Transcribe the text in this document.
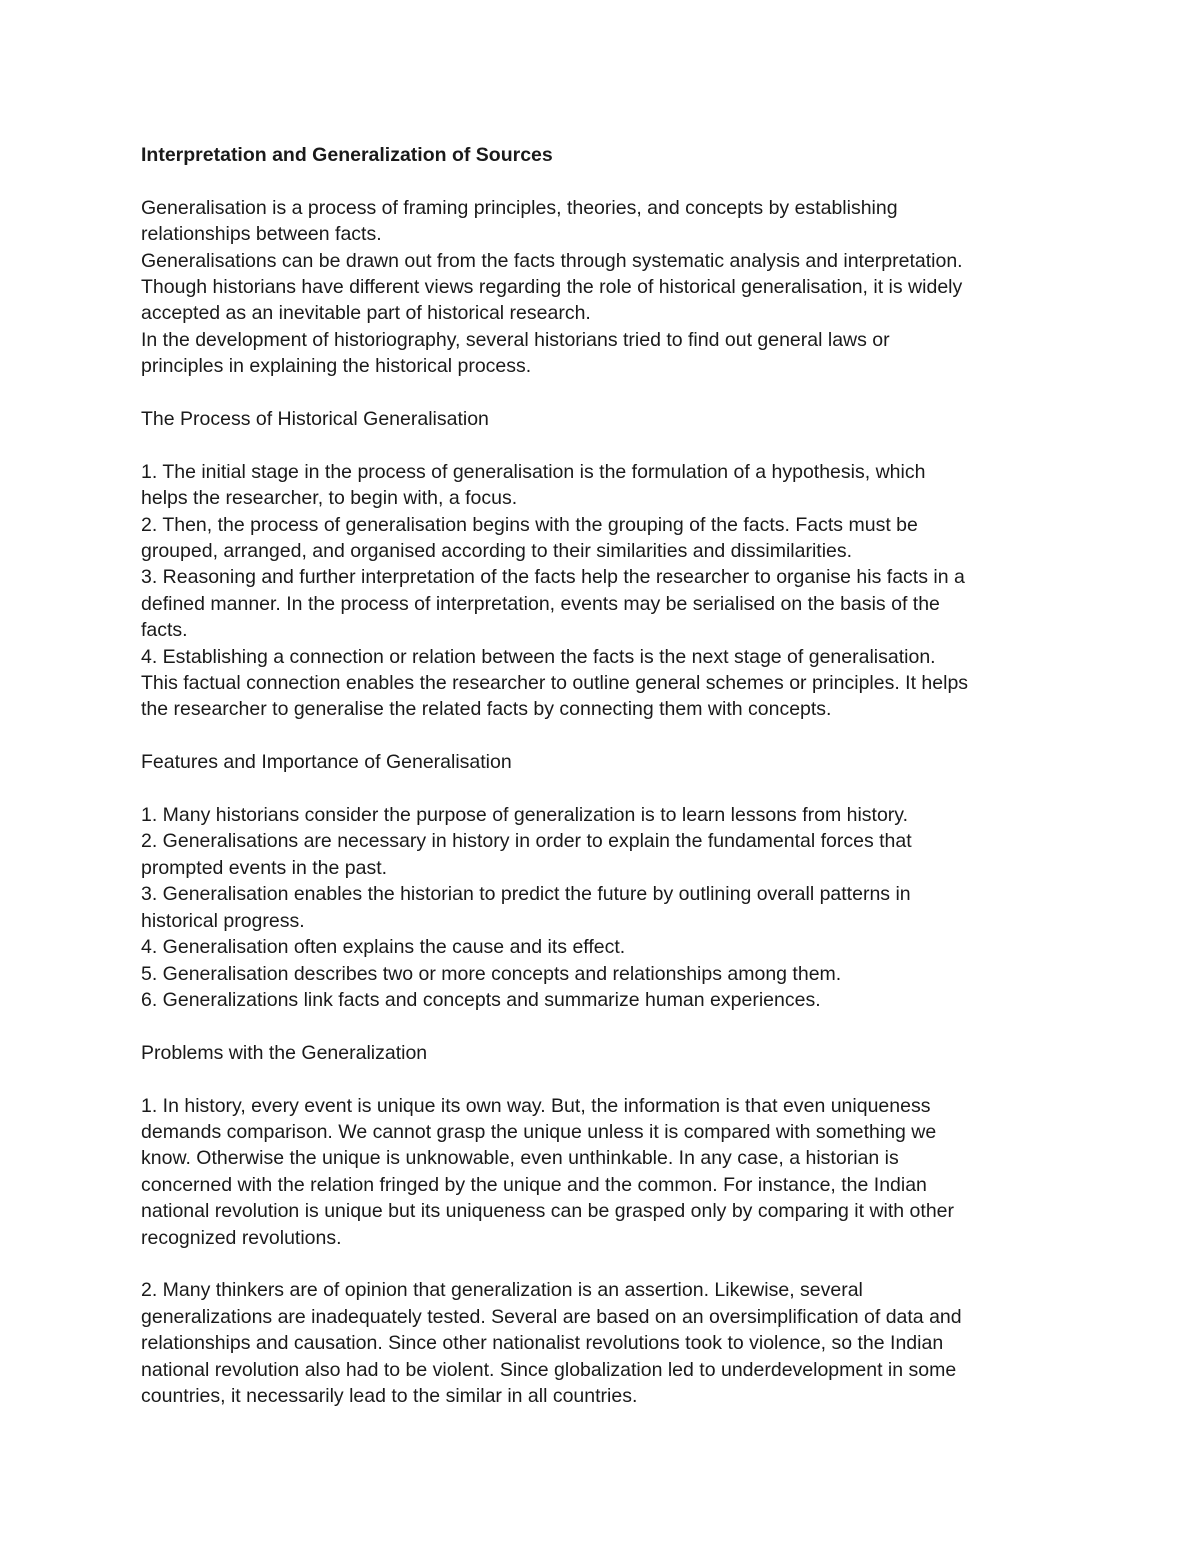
Interpretation and Generalization of Sources

Generalisation is a process of framing principles, theories, and concepts by establishing
relationships between facts.
Generalisations can be drawn out from the facts through systematic analysis and interpretation.
Though historians have different views regarding the role of historical generalisation, it is widely
accepted as an inevitable part of historical research.
In the development of historiography, several historians tried to find out general laws or
principles in explaining the historical process.

The Process of Historical Generalisation

1. The initial stage in the process of generalisation is the formulation of a hypothesis, which
helps the researcher, to begin with, a focus.
2. Then, the process of generalisation begins with the grouping of the facts. Facts must be
grouped, arranged, and organised according to their similarities and dissimilarities.
3. Reasoning and further interpretation of the facts help the researcher to organise his facts in a
defined manner. In the process of interpretation, events may be serialised on the basis of the
facts.
4. Establishing a connection or relation between the facts is the next stage of generalisation.
This factual connection enables the researcher to outline general schemes or principles. It helps
the researcher to generalise the related facts by connecting them with concepts.

Features and Importance of Generalisation

1. Many historians consider the purpose of generalization is to learn lessons from history.
2. Generalisations are necessary in history in order to explain the fundamental forces that
prompted events in the past.
3. Generalisation enables the historian to predict the future by outlining overall patterns in
historical progress.
4. Generalisation often explains the cause and its effect.
5. Generalisation describes two or more concepts and relationships among them.
6. Generalizations link facts and concepts and summarize human experiences.

Problems with the Generalization

1. In history, every event is unique its own way. But, the information is that even uniqueness
demands comparison. We cannot grasp the unique unless it is compared with something we
know. Otherwise the unique is unknowable, even unthinkable. In any case, a historian is
concerned with the relation fringed by the unique and the common. For instance, the Indian
national revolution is unique but its uniqueness can be grasped only by comparing it with other
recognized revolutions.

2. Many thinkers are of opinion that generalization is an assertion. Likewise, several
generalizations are inadequately tested. Several are based on an oversimplification of data and
relationships and causation. Since other nationalist revolutions took to violence, so the Indian
national revolution also had to be violent. Since globalization led to underdevelopment in some
countries, it necessarily lead to the similar in all countries.
